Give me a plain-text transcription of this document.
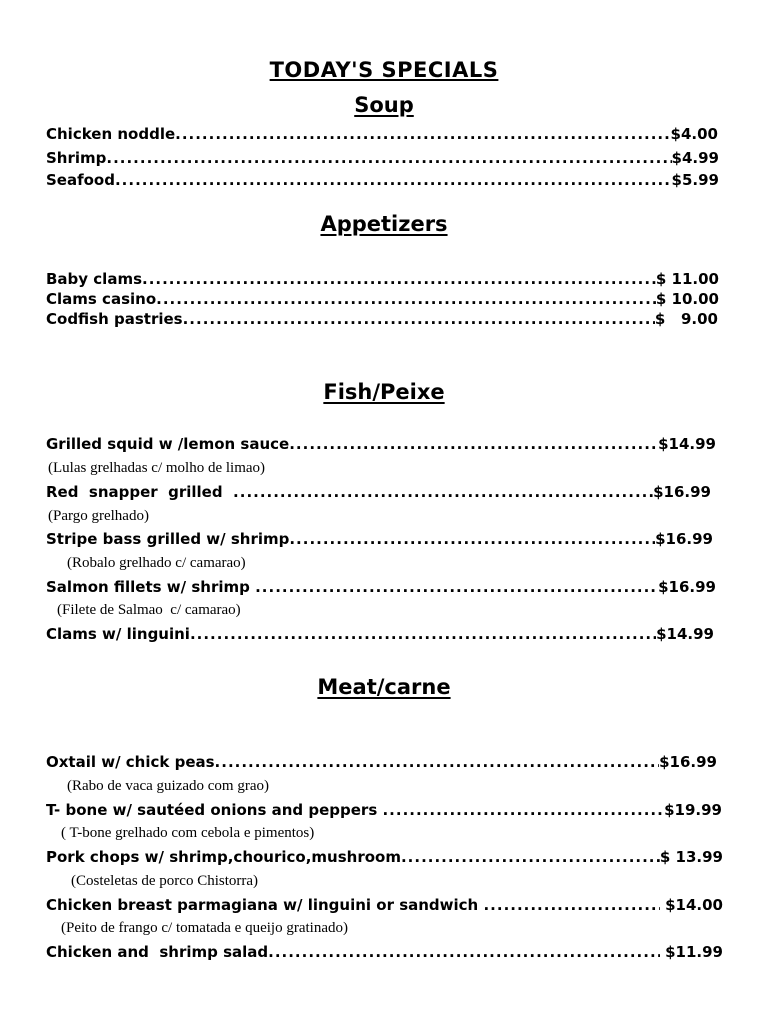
TODAY'S SPECIALS
Soup
Chicken noddle .....	$4.00
Shrimp .....	$4.99
Seafood .....	$5.99
Appetizers
Baby clams .....	$ 11.00
Clams casino .....	$ 10.00
Codfish pastries .....	$   9.00
Fish/Peixe
Grilled squid w /lemon sauce .....	$14.99
(Lulas grelhadas c/ molho de limao)
Red  snapper  grilled .....	$16.99
(Pargo grelhado)
Stripe bass grilled w/ shrimp .....	$16.99
(Robalo grelhado c/ camarao)
Salmon fillets w/ shrimp .....	$16.99
(Filete de Salmao  c/ camarao)
Clams w/ linguini .....	$14.99
Meat/carne
Oxtail w/ chick peas .....	$16.99
(Rabo de vaca guizado com grao)
T- bone w/ sautéed onions and peppers .....	$19.99
( T-bone grelhado com cebola e pimentos)
Pork chops w/ shrimp,chourico,mushroom .....	$ 13.99
(Costeletas de porco Chistorra)
Chicken breast parmagiana w/ linguini or sandwich .....	$14.00
(Peito de frango c/ tomatada e queijo gratinado)
Chicken and  shrimp salad .....	$11.99
